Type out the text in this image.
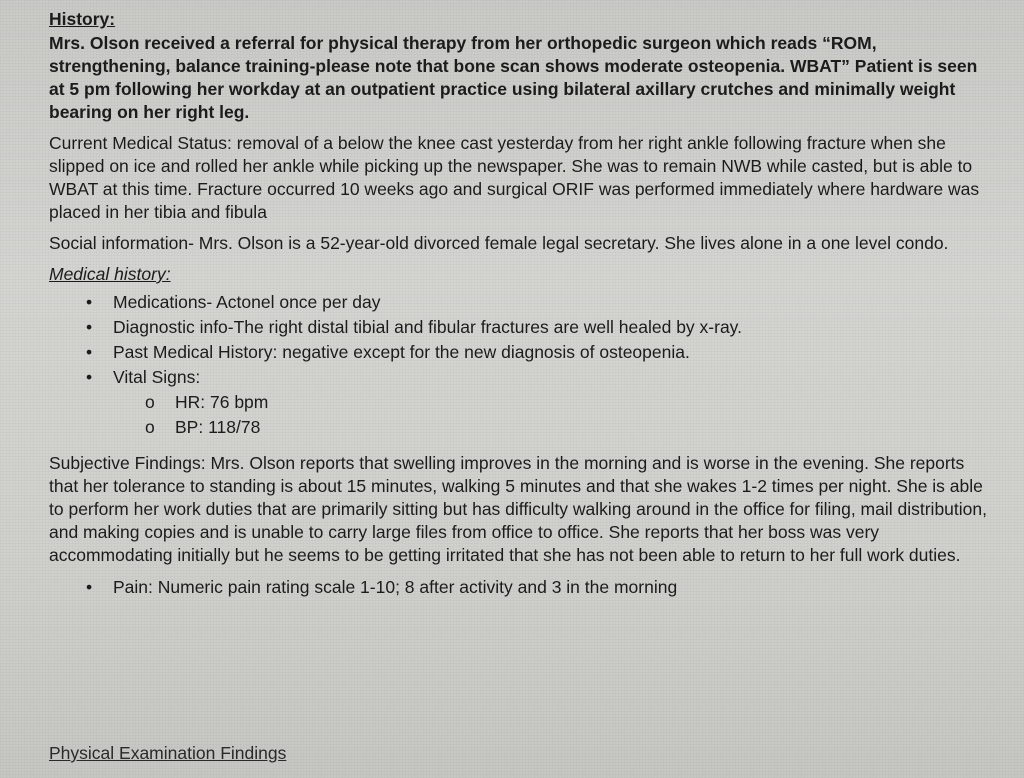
History:
Mrs. Olson received a referral for physical therapy from her orthopedic surgeon which reads “ROM, strengthening, balance training-please note that bone scan shows moderate osteopenia. WBAT” Patient is seen at 5 pm following her workday at an outpatient practice using bilateral axillary crutches and minimally weight bearing on her right leg.
Current Medical Status: removal of a below the knee cast yesterday from her right ankle following fracture when she slipped on ice and rolled her ankle while picking up the newspaper. She was to remain NWB while casted, but is able to WBAT at this time. Fracture occurred 10 weeks ago and surgical ORIF was performed immediately where hardware was placed in her tibia and fibula
Social information- Mrs. Olson is a 52-year-old divorced female legal secretary. She lives alone in a one level condo.
Medical history:
• Medications- Actonel once per day
• Diagnostic info-The right distal tibial and fibular fractures are well healed by x-ray.
• Past Medical History: negative except for the new diagnosis of osteopenia.
• Vital Signs:
o HR: 76 bpm
o BP: 118/78
Subjective Findings: Mrs. Olson reports that swelling improves in the morning and is worse in the evening. She reports that her tolerance to standing is about 15 minutes, walking 5 minutes and that she wakes 1-2 times per night. She is able to perform her work duties that are primarily sitting but has difficulty walking around in the office for filing, mail distribution, and making copies and is unable to carry large files from office to office. She reports that her boss was very accommodating initially but he seems to be getting irritated that she has not been able to return to her full work duties.
• Pain: Numeric pain rating scale 1-10; 8 after activity and 3 in the morning
Physical Examination Findings
